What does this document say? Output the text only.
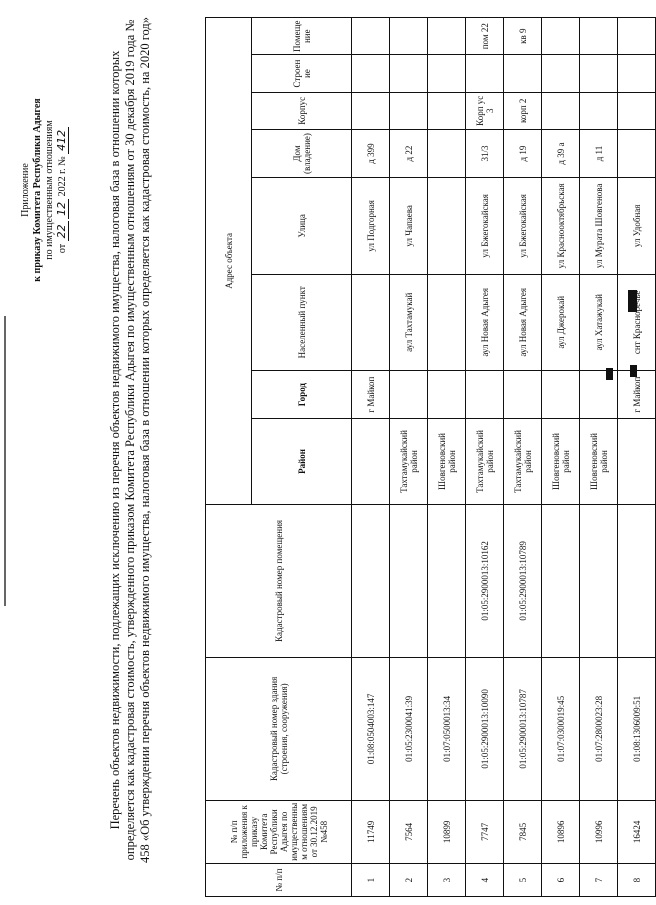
Приложение к приказу Комитета Республики Адыгея по имущественным отношениям от 22 12 2022 г. № 412	Перечень объектов недвижимости, подлежащих исключению из перечня объектов недвижимого имущества, налоговая база в отношении которых определяется как кадастровая стоимость, утвержденного приказом Комитета Республики Адыгея по имущественным отношениям от 30 декабря 2019 года № 458 «Об утверждении перечня объектов недвижимого имущества, налоговая база в отношении которых определяется как кадастровая стоимость, на 2020 год»
№ п/п	№ п/п приложения к приказу Комитета Республики Адыгея по имущественным отношениям от 30.12.2019 №458	Кадастровый номер здания (строения, сооружения)	Кадастровый номер помещения	Адрес объекта							
				Район	Город	Населенный пункт	Улица	Дом (владение)	Корпус	Строение	Помещение
1	11749	01:08:0504003:147			г Майкоп		ул Подгорная	д 399			
2	7564	01:05:2300041:39		Тахтамукайский район		аул Тахтамукай	ул Чапаева	д 22			
3	10899	01:07:0500013:34		Шовгеновский район							
4	7747	01:05:2900013:10090	01:05:2900013:10162	Тахтамукайский район		аул Новая Адыгея	ул Бжегокайская	31/3	Корп ус 3		пом 22
5	7845	01:05:2900013:10787	01:05:2900013:10789	Тахтамукайский район		аул Новая Адыгея	ул Бжегокайская	д 19	корп 2		кв 9
6	10896	01:07:0300019:45		Шовгеновский район		аул Джерокай	ул Краснооктябрьская	д 39 а			
7	10996	01:07:2800023:28		Шовгеновский район		аул Хатажукай	ул Мурата Шовгенова	д 11			
8	16424	01:08:1306009:51			г Майкоп	снт Красноречье	ул Удобная				
